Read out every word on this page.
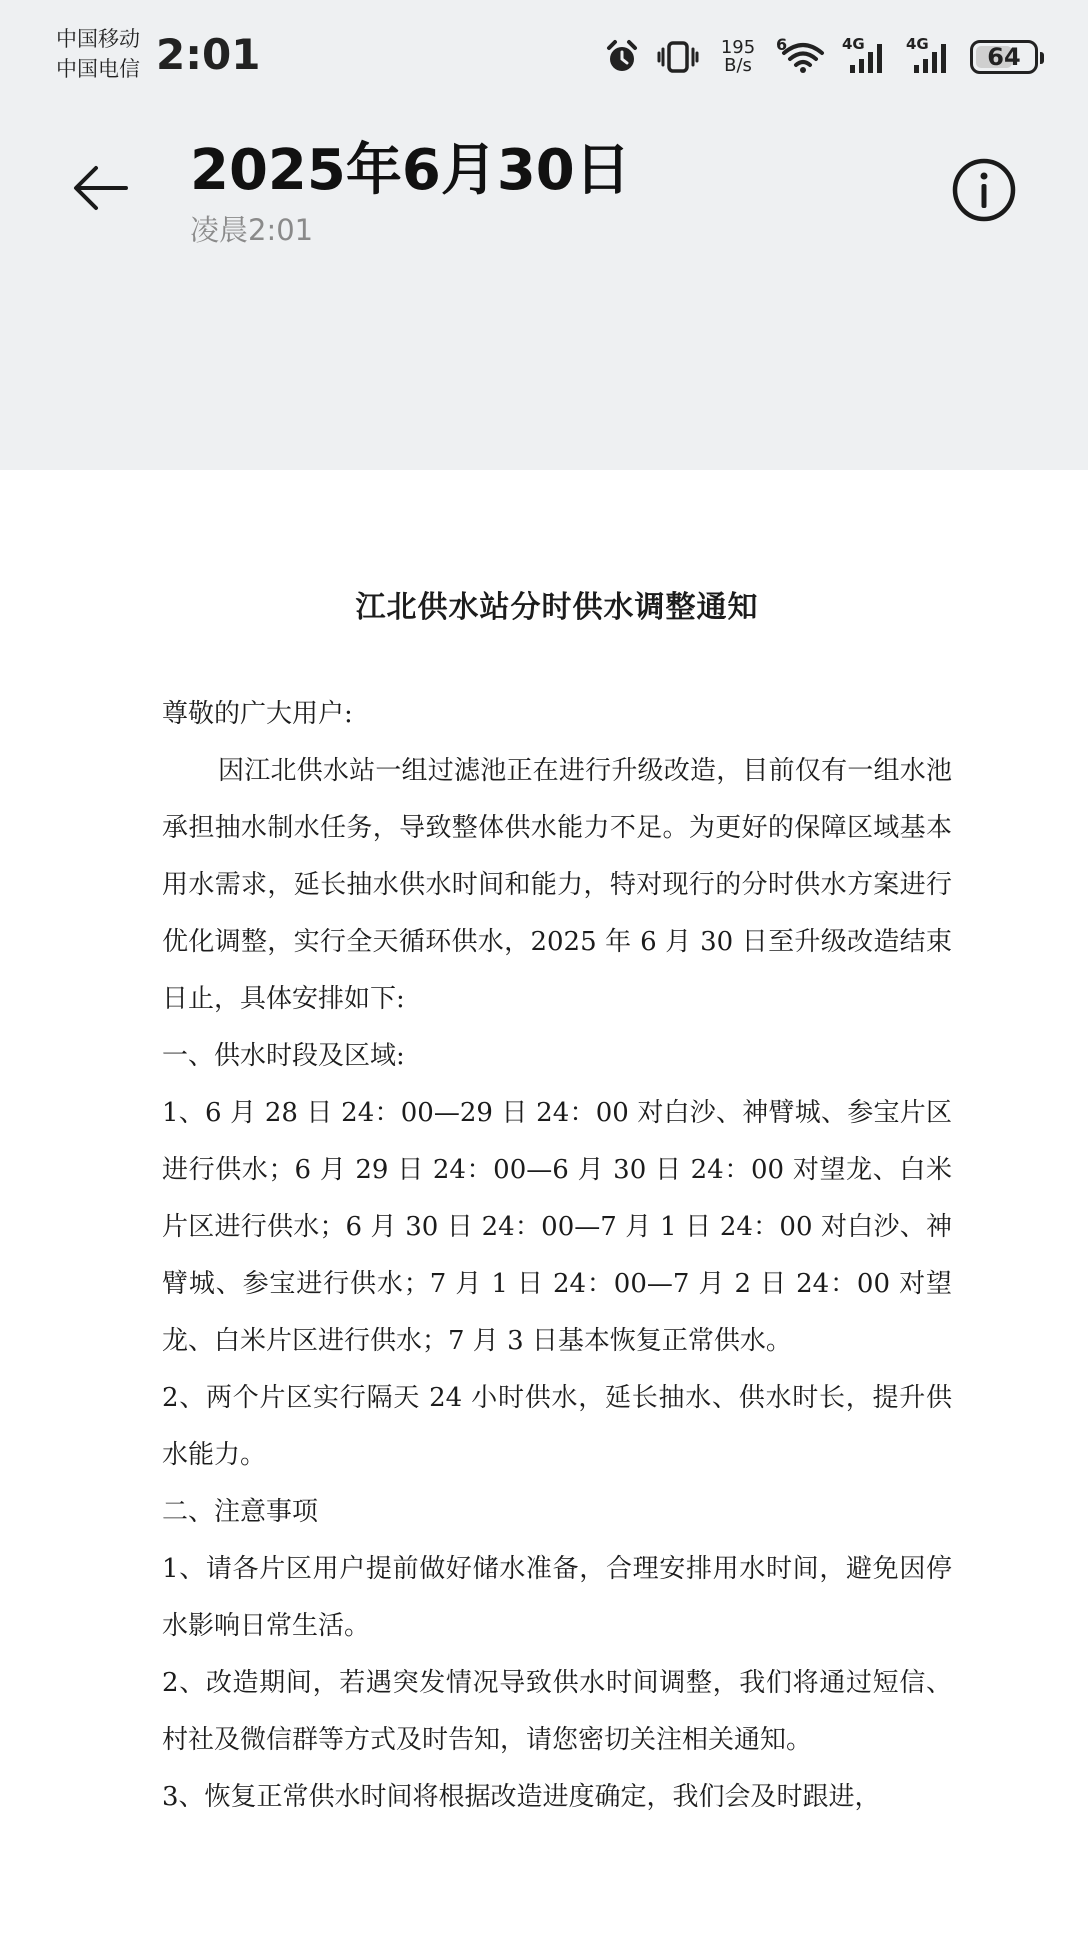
中国移动
中国电信 2:01	195
B/s
6	4G	4G 64
2025年6月30日
凌晨2:01
江北供水站分时供水调整通知

尊敬的广大用户:

因江北供水站一组过滤池正在进行升级改造，目前仅有一组水池承担抽水制水任务，导致整体供水能力不足。为更好的保障区域基本用水需求，延长抽水供水时间和能力，特对现行的分时供水方案进行优化调整，实行全天循环供水，2025 年 6 月 30 日至升级改造结束日止，具体安排如下:

一、供水时段及区域:

1、6 月 28 日 24：00—29 日 24：00 对白沙、神臂城、参宝片区进行供水；6 月 29 日 24：00—6 月 30 日 24：00 对望龙、白米片区进行供水；6 月 30 日 24：00—7 月 1 日 24：00 对白沙、神臂城、参宝进行供水；7 月 1 日 24：00—7 月 2 日 24：00 对望龙、白米片区进行供水；7 月 3 日基本恢复正常供水。

2、两个片区实行隔天 24 小时供水，延长抽水、供水时长，提升供水能力。

二、注意事项

1、请各片区用户提前做好储水准备，合理安排用水时间，避免因停水影响日常生活。

2、改造期间，若遇突发情况导致供水时间调整，我们将通过短信、村社及微信群等方式及时告知，请您密切关注相关通知。

3、恢复正常供水时间将根据改造进度确定，我们会及时跟进，
